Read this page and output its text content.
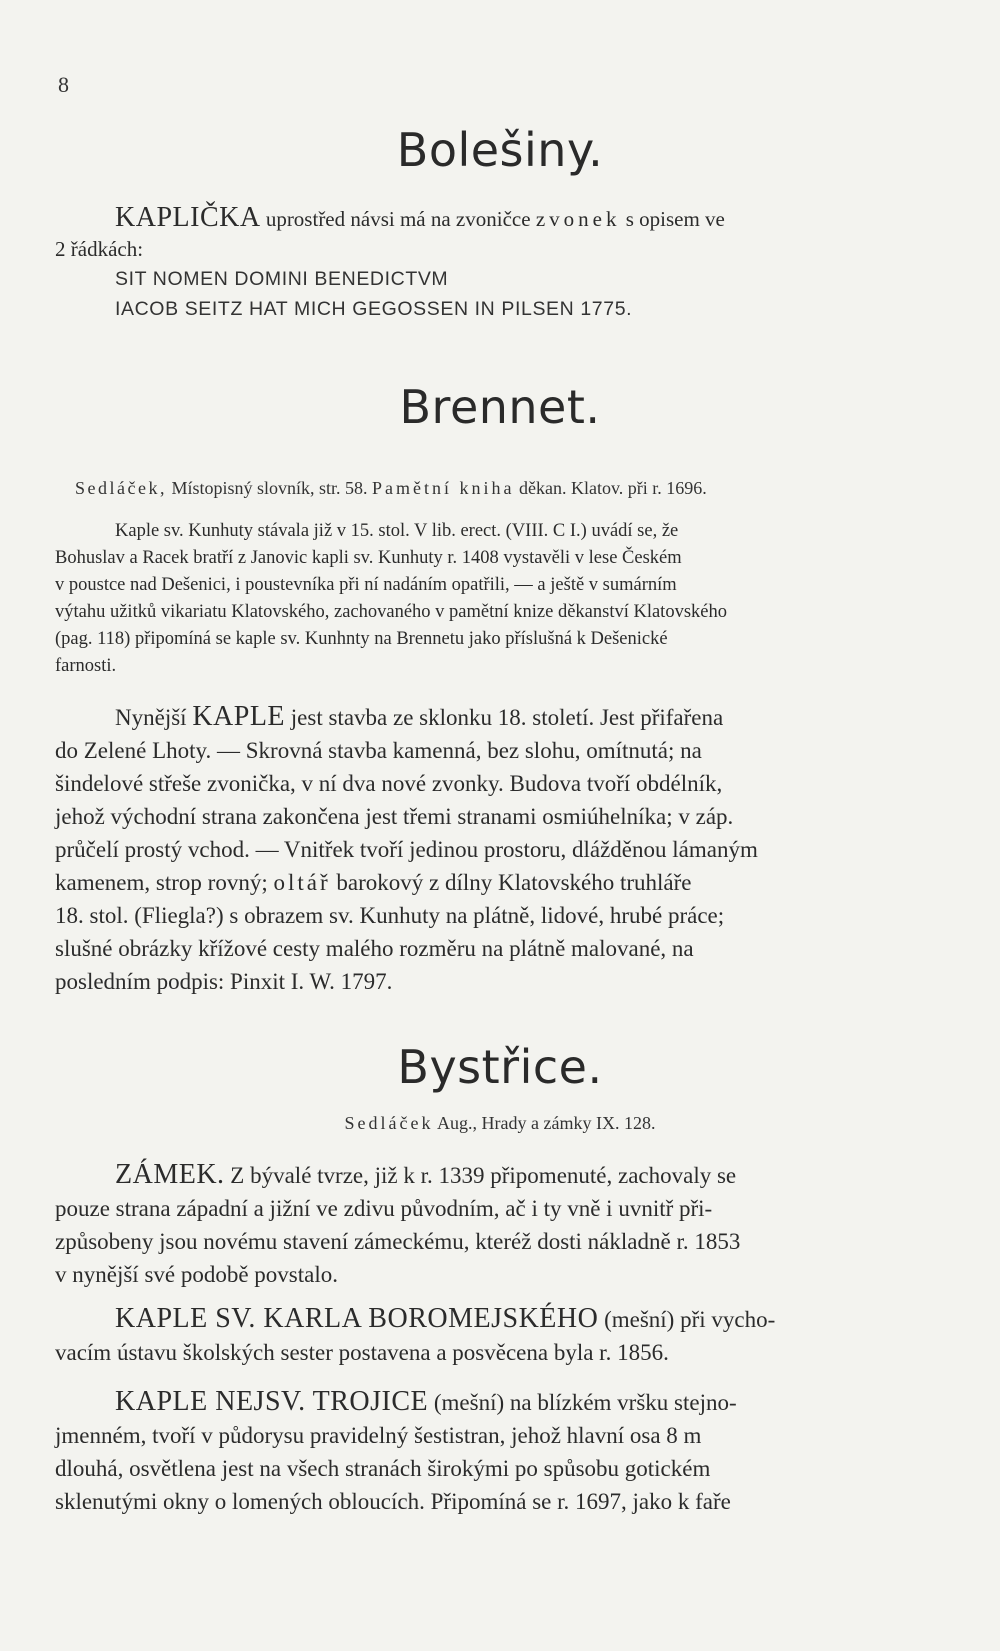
8
Bolešiny.
KAPLIČKA uprostřed návsi má na zvoničce zvonek s opisem ve
2 řádkách:
SIT NOMEN DOMINI BENEDICTVM
IACOB SEITZ HAT MICH GEGOSSEN IN PILSEN 1775.
Brennet.
Sedláček, Místopisný slovník, str. 58. Pamětní kniha děkan. Klatov. při r. 1696.
Kaple sv. Kunhuty stávala již v 15. stol. V lib. erect. (VIII. C I.) uvádí se, že
Bohuslav a Racek bratří z Janovic kapli sv. Kunhuty r. 1408 vystavěli v lese Českém
v poustce nad Dešenici, i poustevníka při ní nadáním opatřili, — a ještě v sumárním
výtahu užitků vikariatu Klatovského, zachovaného v pamětní knize děkanství Klatovského
(pag. 118) připomíná se kaple sv. Kunhnty na Brennetu jako příslušná k Dešenické
farnosti.
Nynější KAPLE jest stavba ze sklonku 18. století. Jest přifařena
do Zelené Lhoty. — Skrovná stavba kamenná, bez slohu, omítnutá; na
šindelové střeše zvonička, v ní dva nové zvonky. Budova tvoří obdélník,
jehož východní strana zakončena jest třemi stranami osmiúhelníka; v záp.
průčelí prostý vchod. — Vnitřek tvoří jedinou prostoru, dlážděnou lámaným
kamenem, strop rovný; oltář barokový z dílny Klatovského truhláře
18. stol. (Fliegla?) s obrazem sv. Kunhuty na plátně, lidové, hrubé práce;
slušné obrázky křížové cesty malého rozměru na plátně malované, na
posledním podpis: Pinxit I. W. 1797.
Bystřice.
Sedláček Aug., Hrady a zámky IX. 128.
ZÁMEK. Z bývalé tvrze, již k r. 1339 připomenuté, zachovaly se
pouze strana západní a jižní ve zdivu původním, ač i ty vně i uvnitř při-
způsobeny jsou novému stavení zámeckému, kteréž dosti nákladně r. 1853
v nynější své podobě povstalo.
KAPLE SV. KARLA BOROMEJSKÉHO (mešní) při vycho-
vacím ústavu školských sester postavena a posvěcena byla r. 1856.
KAPLE NEJSV. TROJICE (mešní) na blízkém vršku stejno-
jmenném, tvoří v půdorysu pravidelný šestistran, jehož hlavní osa 8 m
dlouhá, osvětlena jest na všech stranách širokými po spůsobu gotickém
sklenutými okny o lomených obloucích. Připomíná se r. 1697, jako k faře
